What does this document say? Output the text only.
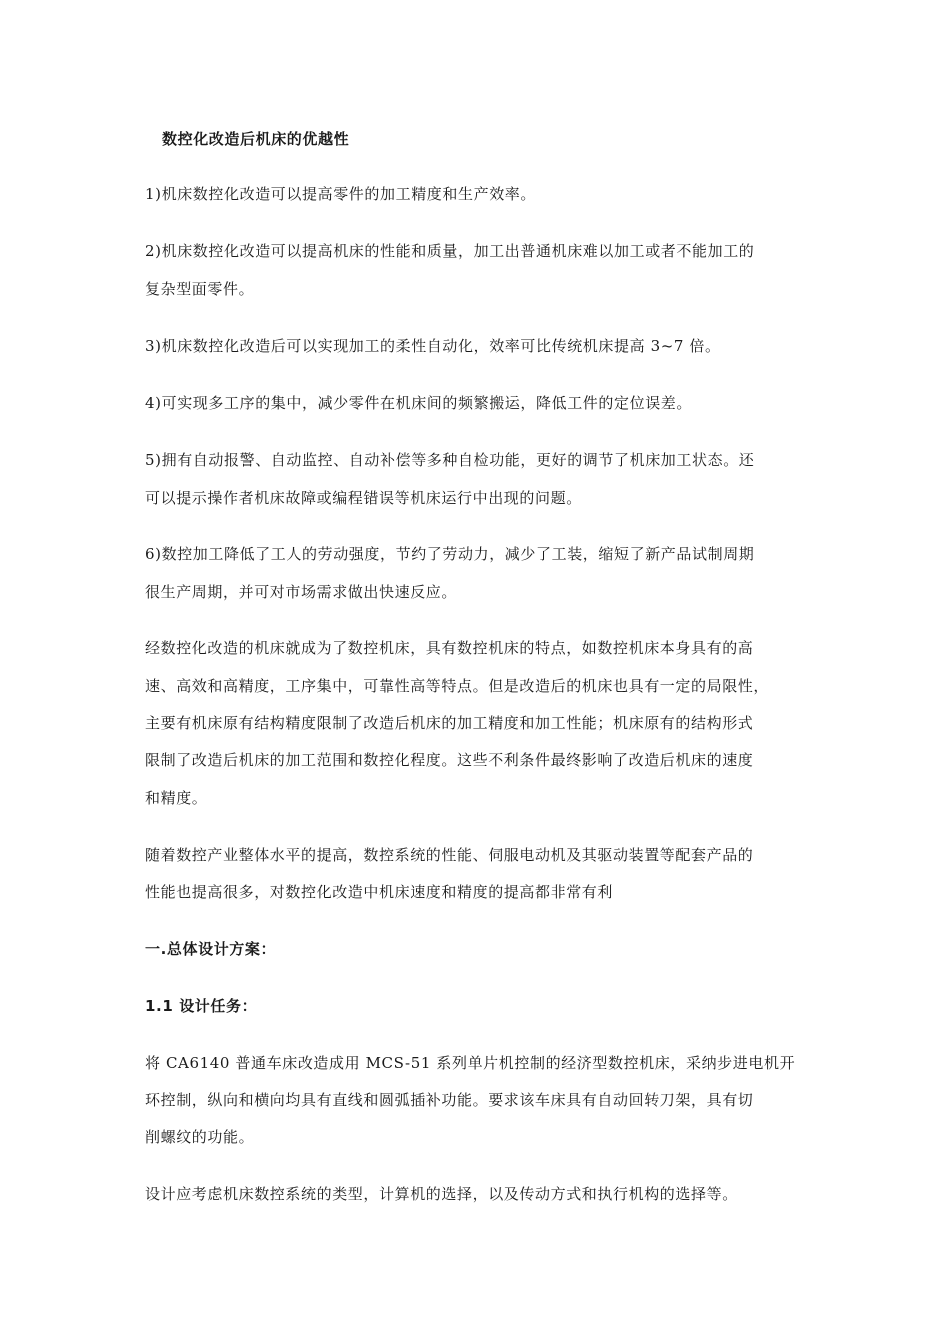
数控化改造后机床的优越性
1)机床数控化改造可以提高零件的加工精度和生产效率。
2)机床数控化改造可以提高机床的性能和质量，加工出普通机床难以加工或者不能加工的
复杂型面零件。
3)机床数控化改造后可以实现加工的柔性自动化，效率可比传统机床提高 3~7 倍。
4)可实现多工序的集中，减少零件在机床间的频繁搬运，降低工件的定位误差。
5)拥有自动报警、自动监控、自动补偿等多种自检功能，更好的调节了机床加工状态。还
可以提示操作者机床故障或编程错误等机床运行中出现的问题。
6)数控加工降低了工人的劳动强度，节约了劳动力，减少了工装，缩短了新产品试制周期
很生产周期，并可对市场需求做出快速反应。
经数控化改造的机床就成为了数控机床，具有数控机床的特点，如数控机床本身具有的高
速、高效和高精度，工序集中，可靠性高等特点。但是改造后的机床也具有一定的局限性，
主要有机床原有结构精度限制了改造后机床的加工精度和加工性能；机床原有的结构形式
限制了改造后机床的加工范围和数控化程度。这些不利条件最终影响了改造后机床的速度
和精度。
随着数控产业整体水平的提高，数控系统的性能、伺服电动机及其驱动装置等配套产品的
性能也提高很多，对数控化改造中机床速度和精度的提高都非常有利
一.总体设计方案：
1.1 设计任务：
将 CA6140 普通车床改造成用 MCS-51 系列单片机控制的经济型数控机床，采纳步进电机开
环控制，纵向和横向均具有直线和圆弧插补功能。要求该车床具有自动回转刀架，具有切
削螺纹的功能。
设计应考虑机床数控系统的类型，计算机的选择，以及传动方式和执行机构的选择等。
